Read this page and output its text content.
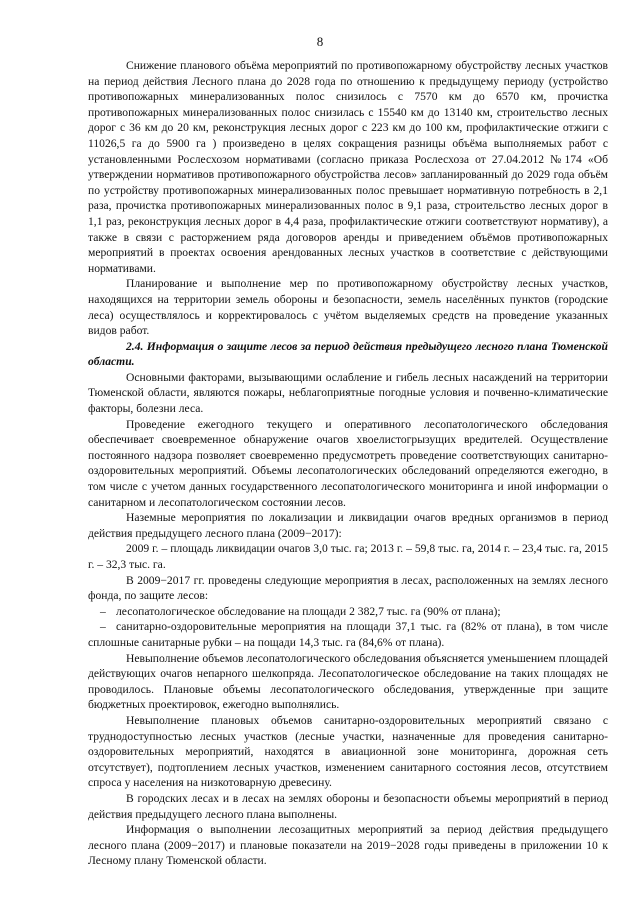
8

Снижение планового объёма мероприятий по противопожарному обустройству лесных участков на период действия Лесного плана до 2028 года по отношению к предыдущему периоду (устройство противопожарных минерализованных полос снизилось с 7570 км до 6570 км, прочистка противопожарных минерализованных полос снизилась с 15540 км до 13140 км, строительство лесных дорог с 36 км до 20 км, реконструкция лесных дорог с 223 км до 100 км, профилактические отжиги с 11026,5 га до 5900 га ) произведено в целях сокращения разницы объёма выполняемых работ с установленными Рослесхозом нормативами (согласно приказа Рослесхоза от 27.04.2012 №174 «Об утверждении нормативов противопожарного обустройства лесов» запланированный до 2029 года объём по устройству противопожарных минерализованных полос превышает нормативную потребность в 2,1 раза, прочистка противопожарных минерализованных полос в 9,1 раза, строительство лесных дорог в 1,1 раз, реконструкция лесных дорог в 4,4 раза, профилактические отжиги соответствуют нормативу), а также в связи с расторжением ряда договоров аренды и приведением объёмов противопожарных мероприятий в проектах освоения арендованных лесных участков в соответствие с действующими нормативами.

Планирование и выполнение мер по противопожарному обустройству лесных участков, находящихся на территории земель обороны и безопасности, земель населённых пунктов (городские леса) осуществлялось и корректировалось с учётом выделяемых средств на проведение указанных видов работ.

2.4. Информация о защите лесов за период действия предыдущего лесного плана Тюменской области.

Основными факторами, вызывающими ослабление и гибель лесных насаждений на территории Тюменской области, являются пожары, неблагоприятные погодные условия и почвенно-климатические факторы, болезни леса.

Проведение ежегодного текущего и оперативного лесопатологического обследования обеспечивает своевременное обнаружение очагов хвоелистогрызущих вредителей. Осуществление постоянного надзора позволяет своевременно предусмотреть проведение соответствующих санитарно-оздоровительных мероприятий. Объемы лесопатологических обследований определяются ежегодно, в том числе с учетом данных государственного лесопатологического мониторинга и иной информации о санитарном и лесопатологическом состоянии лесов.

Наземные мероприятия по локализации и ликвидации очагов вредных организмов в период действия предыдущего лесного плана (2009−2017):

2009 г. – площадь ликвидации очагов 3,0 тыс. га; 2013 г. – 59,8 тыс. га, 2014 г. – 23,4 тыс. га, 2015 г. – 32,3 тыс. га.

В 2009−2017 гг. проведены следующие мероприятия в лесах, расположенных на землях лесного фонда, по защите лесов:

– лесопатологическое обследование на площади 2 382,7 тыс. га (90% от плана);

– санитарно-оздоровительные мероприятия на площади 37,1 тыс. га (82% от плана), в том числе сплошные санитарные рубки – на пощади 14,3 тыс. га (84,6% от плана).

Невыполнение объемов лесопатологического обследования объясняется уменьшением площадей действующих очагов непарного шелкопряда. Лесопатологическое обследование на таких площадях не проводилось. Плановые объемы лесопатологического обследования, утвержденные при защите бюджетных проектировок, ежегодно выполнялись.

Невыполнение плановых объемов санитарно-оздоровительных мероприятий связано с труднодоступностью лесных участков (лесные участки, назначенные для проведения санитарно-оздоровительных мероприятий, находятся в авиационной зоне мониторинга, дорожная сеть отсутствует), подтоплением лесных участков, изменением санитарного состояния лесов, отсутствием спроса у населения на низкотоварную древесину.

В городских лесах и в лесах на землях обороны и безопасности объемы мероприятий в период действия предыдущего лесного плана выполнены.

Информация о выполнении лесозащитных мероприятий за период действия предыдущего лесного плана (2009−2017) и плановые показатели на 2019−2028 годы приведены в приложении 10 к Лесному плану Тюменской области.
